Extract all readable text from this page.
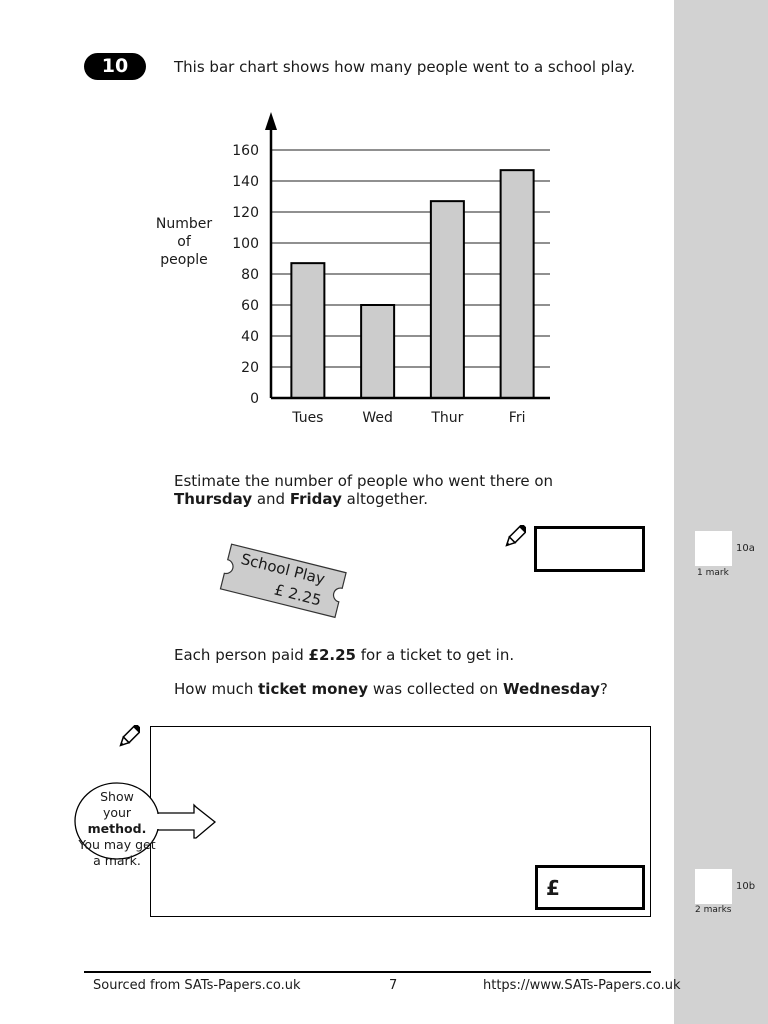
10a
1 mark
10b
2 marks
10	This bar chart shows how many people went to a school play.
Number
of
people
0
20
40
60
80
100
120
140
160
Tues	Wed	Thur	Fri
Estimate the number of people who went there on
Thursday and Friday altogether.
School Play
£ 2.25
Each person paid £2.25 for a ticket to get in.
How much ticket money was collected on Wednesday?
£
Show
your method.
You may get
a mark.
Sourced from SATs-Papers.co.uk	7	https://www.SATs-Papers.co.uk
